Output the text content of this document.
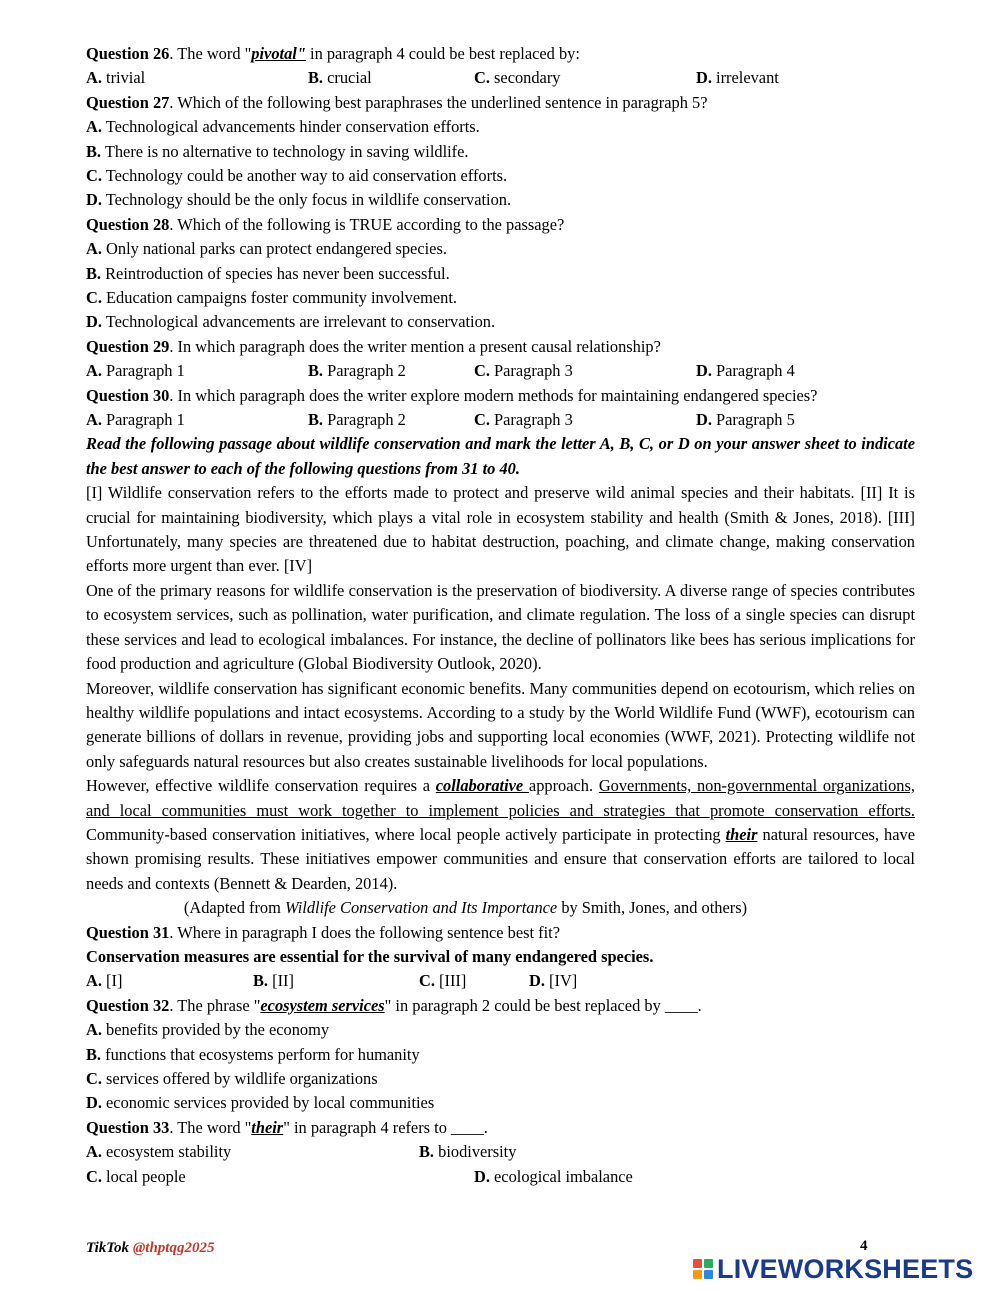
Question 26. The word "pivotal" in paragraph 4 could be best replaced by:

A. trivial	B. crucial	C. secondary	D. irrelevant

Question 27. Which of the following best paraphrases the underlined sentence in paragraph 5?

A. Technological advancements hinder conservation efforts.

B. There is no alternative to technology in saving wildlife.

C. Technology could be another way to aid conservation efforts.

D. Technology should be the only focus in wildlife conservation.

Question 28. Which of the following is TRUE according to the passage?

A. Only national parks can protect endangered species.

B. Reintroduction of species has never been successful.

C. Education campaigns foster community involvement.

D. Technological advancements are irrelevant to conservation.

Question 29. In which paragraph does the writer mention a present causal relationship?

A. Paragraph 1	B. Paragraph 2	C. Paragraph 3	D. Paragraph 4

Question 30. In which paragraph does the writer explore modern methods for maintaining endangered species?

A. Paragraph 1	B. Paragraph 2	C. Paragraph 3	D. Paragraph 5

Read the following passage about wildlife conservation and mark the letter A, B, C, or D on your answer sheet to indicate the best answer to each of the following questions from 31 to 40.

[I] Wildlife conservation refers to the efforts made to protect and preserve wild animal species and their habitats. [II] It is crucial for maintaining biodiversity, which plays a vital role in ecosystem stability and health (Smith & Jones, 2018). [III] Unfortunately, many species are threatened due to habitat destruction, poaching, and climate change, making conservation efforts more urgent than ever. [IV]

One of the primary reasons for wildlife conservation is the preservation of biodiversity. A diverse range of species contributes to ecosystem services, such as pollination, water purification, and climate regulation. The loss of a single species can disrupt these services and lead to ecological imbalances. For instance, the decline of pollinators like bees has serious implications for food production and agriculture (Global Biodiversity Outlook, 2020).

Moreover, wildlife conservation has significant economic benefits. Many communities depend on ecotourism, which relies on healthy wildlife populations and intact ecosystems. According to a study by the World Wildlife Fund (WWF), ecotourism can generate billions of dollars in revenue, providing jobs and supporting local economies (WWF, 2021). Protecting wildlife not only safeguards natural resources but also creates sustainable livelihoods for local populations.

However, effective wildlife conservation requires a collaborative approach. Governments, non-governmental organizations, and local communities must work together to implement policies and strategies that promote conservation efforts. Community-based conservation initiatives, where local people actively participate in protecting their natural resources, have shown promising results. These initiatives empower communities and ensure that conservation efforts are tailored to local needs and contexts (Bennett & Dearden, 2014).

(Adapted from Wildlife Conservation and Its Importance by Smith, Jones, and others)

Question 31. Where in paragraph I does the following sentence best fit?

Conservation measures are essential for the survival of many endangered species.

A. [I]	B. [II]	C. [III]	D. [IV]

Question 32. The phrase "ecosystem services" in paragraph 2 could be best replaced by ____.

A. benefits provided by the economy

B. functions that ecosystems perform for humanity

C. services offered by wildlife organizations

D. economic services provided by local communities

Question 33. The word "their" in paragraph 4 refers to ____.

A. ecosystem stability	B. biodiversity
C. local people	D. ecological imbalance
TikTok @thptqg2025	4
LIVEWORKSHEETS
